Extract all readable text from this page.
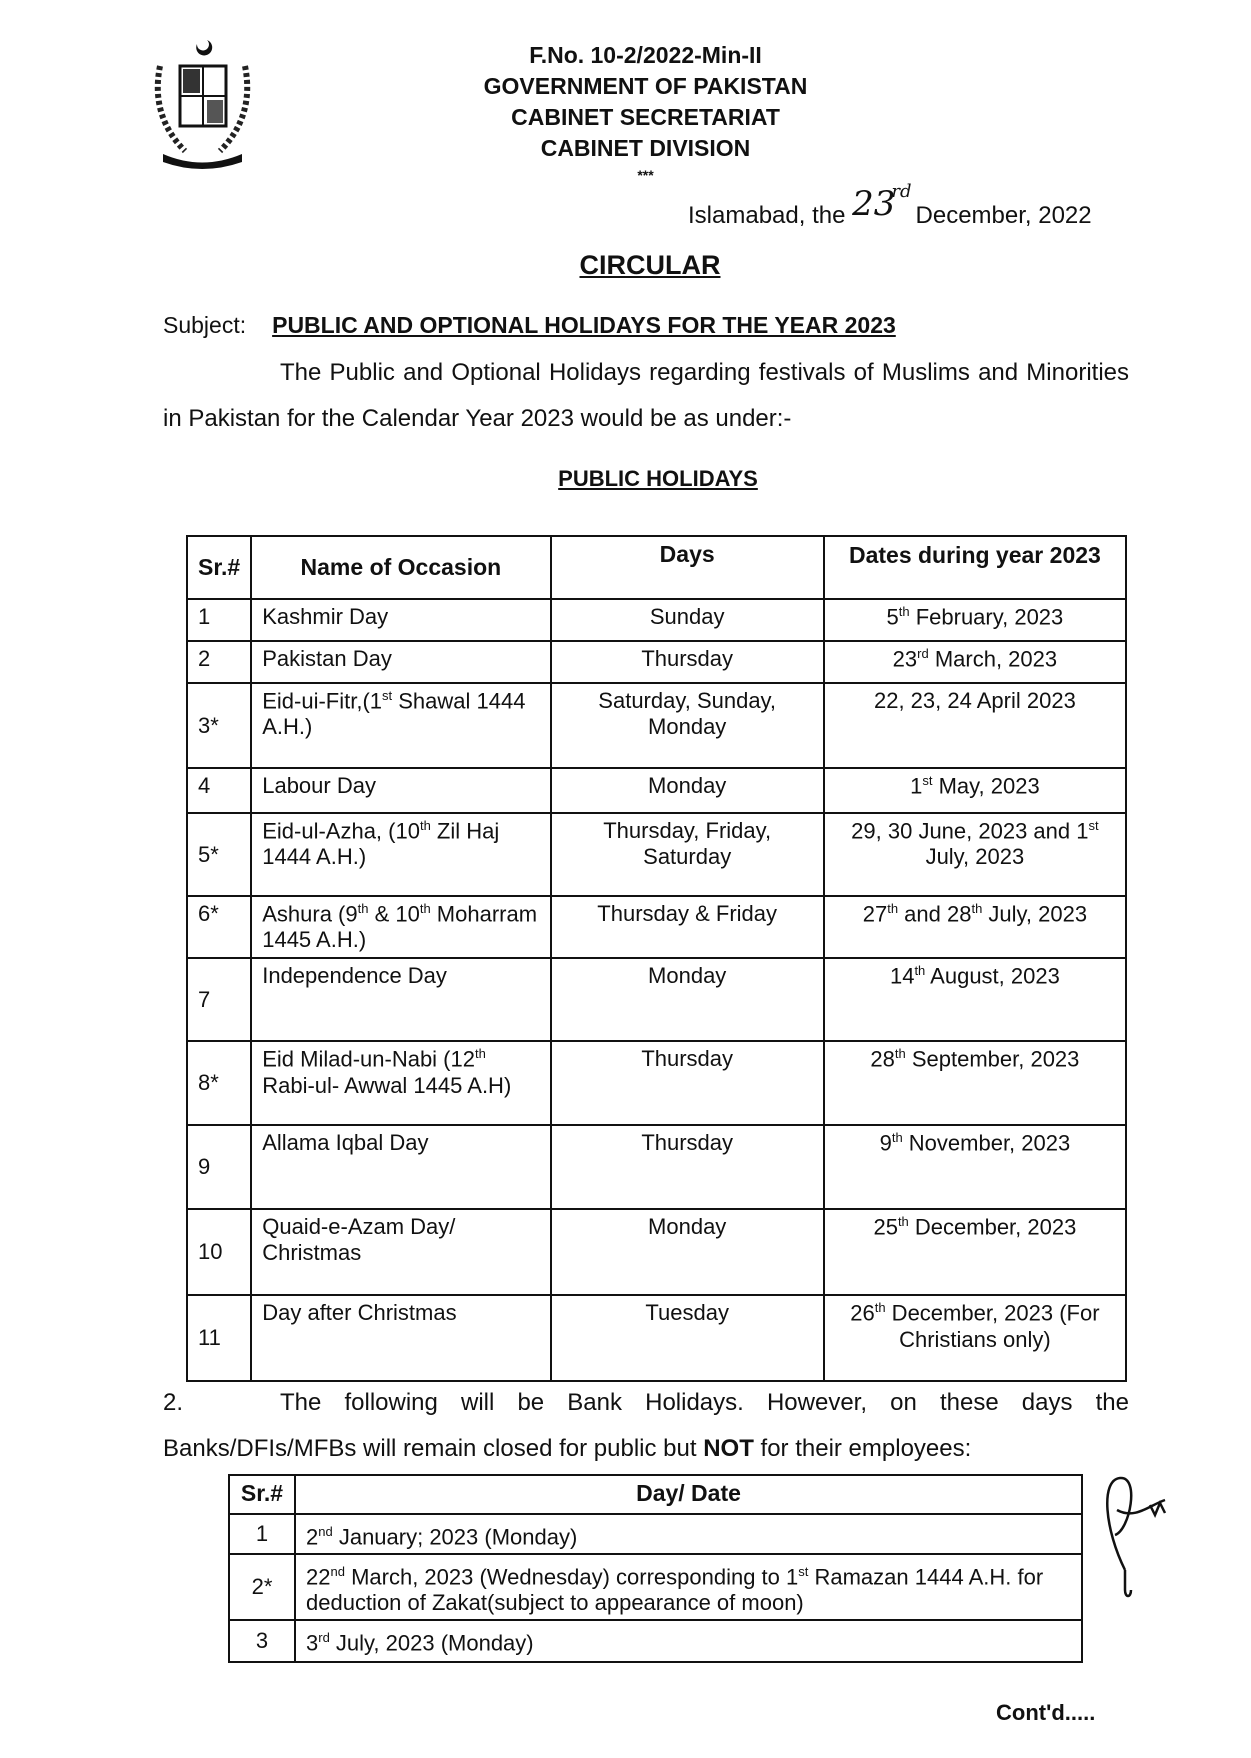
F.No. 10-2/2022-Min-II
GOVERNMENT OF PAKISTAN
CABINET SECRETARIAT
CABINET DIVISION
***
Islamabad, the 23rdDecember, 2022
CIRCULAR
Subject: PUBLIC AND OPTIONAL HOLIDAYS FOR THE YEAR 2023
The Public and Optional Holidays regarding festivals of Muslims and Minorities in Pakistan for the Calendar Year 2023 would be as under:-
PUBLIC HOLIDAYS
Sr.#	Name of Occasion	Days	Dates during year 2023
1	Kashmir Day	Sunday	5th February, 2023
2	Pakistan Day	Thursday	23rd March, 2023
3*	Eid-ui-Fitr,(1st Shawal 1444 A.H.)	Saturday, Sunday, Monday	22, 23, 24 April 2023
4	Labour Day	Monday	1st May, 2023
5*	Eid-ul-Azha, (10th Zil Haj 1444 A.H.)	Thursday, Friday, Saturday	29, 30 June, 2023 and 1st July, 2023
6*	Ashura (9th & 10th Moharram 1445 A.H.)	Thursday & Friday	27th and 28th July, 2023
7	Independence Day	Monday	14th August, 2023
8*	Eid Milad-un-Nabi (12th Rabi-ul- Awwal 1445 A.H)	Thursday	28th September, 2023
9	Allama Iqbal Day	Thursday	9th November, 2023
10	Quaid-e-Azam Day/ Christmas	Monday	25th December, 2023
11	Day after Christmas	Tuesday	26th December, 2023 (For Christians only)
2.	The following will be Bank Holidays. However, on these days the Banks/DFIs/MFBs will remain closed for public but NOT for their employees:
Sr.#	Day/ Date
1	2nd January; 2023 (Monday)
2*	22nd March, 2023 (Wednesday) corresponding to 1st Ramazan 1444 A.H. for deduction of Zakat(subject to appearance of moon)
3	3rd July, 2023 (Monday)
Cont'd.....
